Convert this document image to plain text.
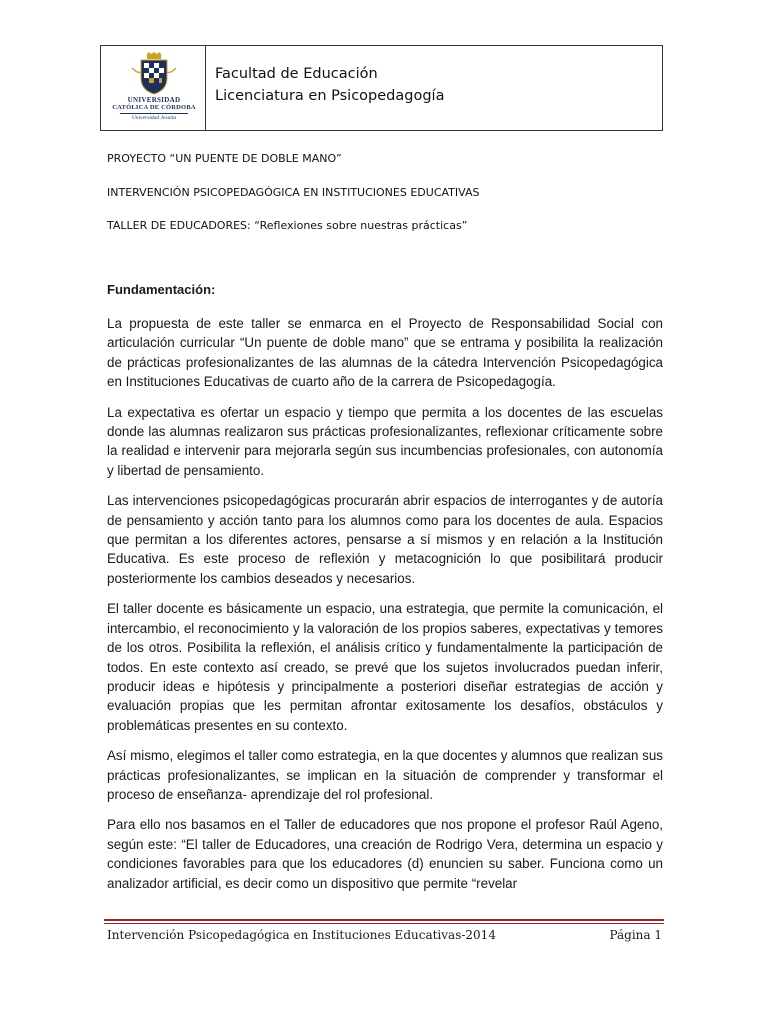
UNIVERSIDAD
CATÓLICA DE CÓRDOBA
Universidad Jesuita
Facultad de Educación
Licenciatura en Psicopedagogía
PROYECTO “UN PUENTE DE DOBLE MANO”
INTERVENCIÓN PSICOPEDAGÓGICA EN INSTITUCIONES EDUCATIVAS
TALLER DE EDUCADORES: “Reflexiones sobre nuestras prácticas”
Fundamentación:

La propuesta de este taller se enmarca en el Proyecto de Responsabilidad Social con articulación curricular “Un puente de doble mano” que se entrama y posibilita la realización de prácticas profesionalizantes de las alumnas de la cátedra Intervención Psicopedagógica en Instituciones Educativas de cuarto año de la carrera de Psicopedagogía.

La expectativa es ofertar un espacio y tiempo que permita a los docentes de las escuelas donde las alumnas realizaron sus prácticas profesionalizantes, reflexionar críticamente sobre la realidad e intervenir para mejorarla según sus incumbencias profesionales, con autonomía y libertad de pensamiento.

Las intervenciones psicopedagógicas procurarán abrir espacios de interrogantes y de autoría de pensamiento y acción tanto para los alumnos como para los docentes de aula. Espacios que permitan a los diferentes actores, pensarse a sí mismos y en relación a la Institución Educativa. Es este proceso de reflexión y metacognición lo que posibilitará producir posteriormente los cambios deseados y necesarios.

El taller docente es básicamente un espacio, una estrategia, que permite la comunicación, el intercambio, el reconocimiento y la valoración de los propios saberes, expectativas y temores de los otros. Posibilita la reflexión, el análisis crítico y fundamentalmente la participación de todos. En este contexto así creado, se prevé que los sujetos involucrados puedan inferir, producir ideas e hipótesis y principalmente a posteriori diseñar estrategias de acción y evaluación propias que les permitan afrontar exitosamente los desafíos, obstáculos y problemáticas presentes en su contexto.

Así mismo, elegimos el taller como estrategia, en la que docentes y alumnos que realizan sus prácticas profesionalizantes, se implican en la situación de comprender y transformar el proceso de enseñanza- aprendizaje del rol profesional.

Para ello nos basamos en el Taller de educadores que nos propone el profesor Raúl Ageno, según este: “El taller de Educadores, una creación de Rodrigo Vera, determina un espacio y condiciones favorables para que los educadores (d) enuncien su saber. Funciona como un analizador artificial, es decir como un dispositivo que permite “revelar

Intervención Psicopedagógica en Instituciones Educativas-2014	Página 1
